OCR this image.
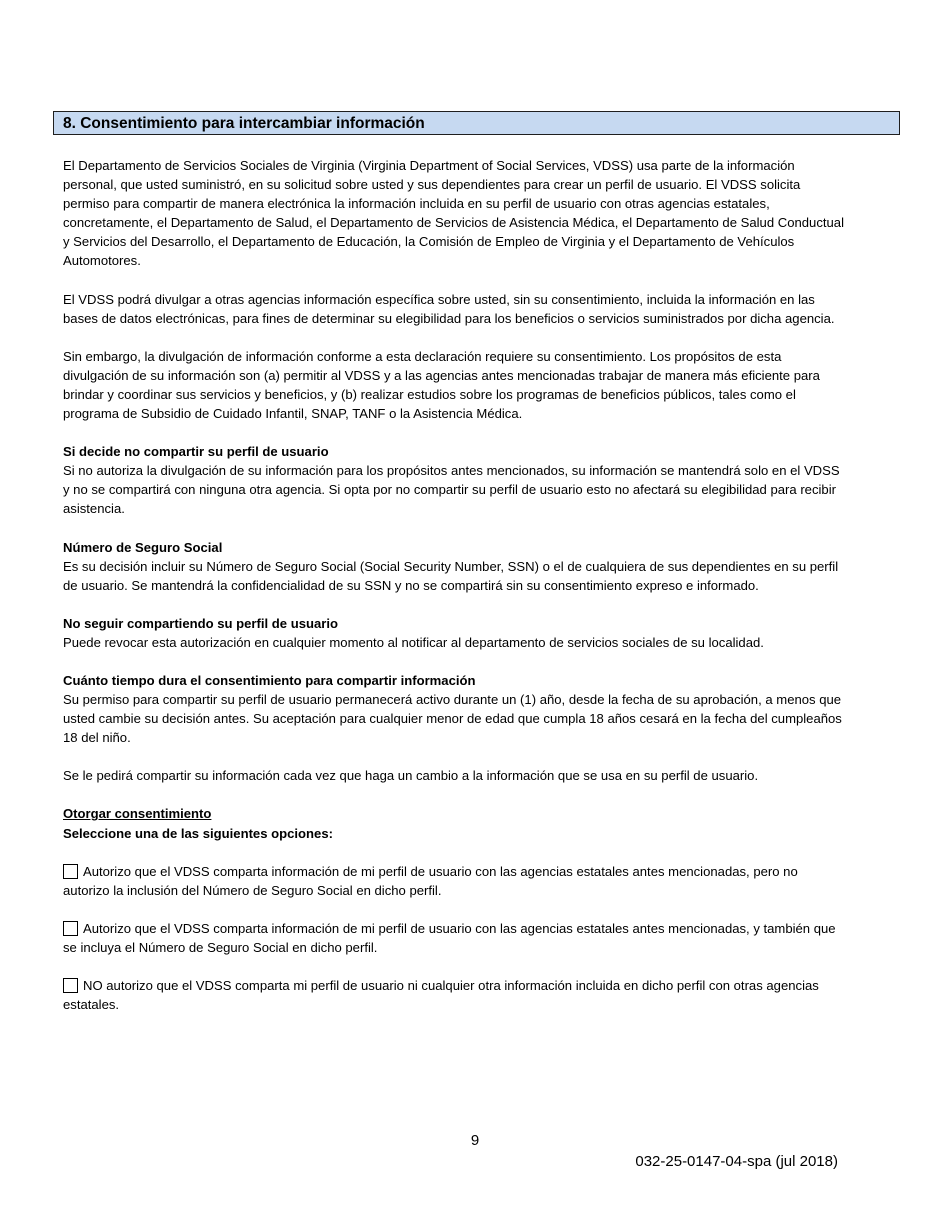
8. Consentimiento para intercambiar información

El Departamento de Servicios Sociales de Virginia (Virginia Department of Social Services, VDSS) usa parte de la información personal, que usted suministró, en su solicitud sobre usted y sus dependientes para crear un perfil de usuario. El VDSS solicita permiso para compartir de manera electrónica la información incluida en su perfil de usuario con otras agencias estatales, concretamente, el Departamento de Salud, el Departamento de Servicios de Asistencia Médica, el Departamento de Salud Conductual y Servicios del Desarrollo, el Departamento de Educación, la Comisión de Empleo de Virginia y el Departamento de Vehículos Automotores.

El VDSS podrá divulgar a otras agencias información específica sobre usted, sin su consentimiento, incluida la información en las bases de datos electrónicas, para fines de determinar su elegibilidad para los beneficios o servicios suministrados por dicha agencia.

Sin embargo, la divulgación de información conforme a esta declaración requiere su consentimiento. Los propósitos de esta divulgación de su información son (a) permitir al VDSS y a las agencias antes mencionadas trabajar de manera más eficiente para brindar y coordinar sus servicios y beneficios, y (b) realizar estudios sobre los programas de beneficios públicos, tales como el programa de Subsidio de Cuidado Infantil, SNAP, TANF o la Asistencia Médica.

Si decide no compartir su perfil de usuario
Si no autoriza la divulgación de su información para los propósitos antes mencionados, su información se mantendrá solo en el VDSS y no se compartirá con ninguna otra agencia. Si opta por no compartir su perfil de usuario esto no afectará su elegibilidad para recibir asistencia.

Número de Seguro Social
Es su decisión incluir su Número de Seguro Social (Social Security Number, SSN) o el de cualquiera de sus dependientes en su perfil de usuario. Se mantendrá la confidencialidad de su SSN y no se compartirá sin su consentimiento expreso e informado.

No seguir compartiendo su perfil de usuario
Puede revocar esta autorización en cualquier momento al notificar al departamento de servicios sociales de su localidad.

Cuánto tiempo dura el consentimiento para compartir información
Su permiso para compartir su perfil de usuario permanecerá activo durante un (1) año, desde la fecha de su aprobación, a menos que usted cambie su decisión antes. Su aceptación para cualquier menor de edad que cumpla 18 años cesará en la fecha del cumpleaños 18 del niño.

Se le pedirá compartir su información cada vez que haga un cambio a la información que se usa en su perfil de usuario.

Otorgar consentimiento
Seleccione una de las siguientes opciones:

Autorizo que el VDSS comparta información de mi perfil de usuario con las agencias estatales antes mencionadas, pero no autorizo la inclusión del Número de Seguro Social en dicho perfil.
Autorizo que el VDSS comparta información de mi perfil de usuario con las agencias estatales antes mencionadas, y también que se incluya el Número de Seguro Social en dicho perfil.
NO autorizo que el VDSS comparta mi perfil de usuario ni cualquier otra información incluida en dicho perfil con otras agencias estatales.
9
032-25-0147-04-spa (jul 2018)
